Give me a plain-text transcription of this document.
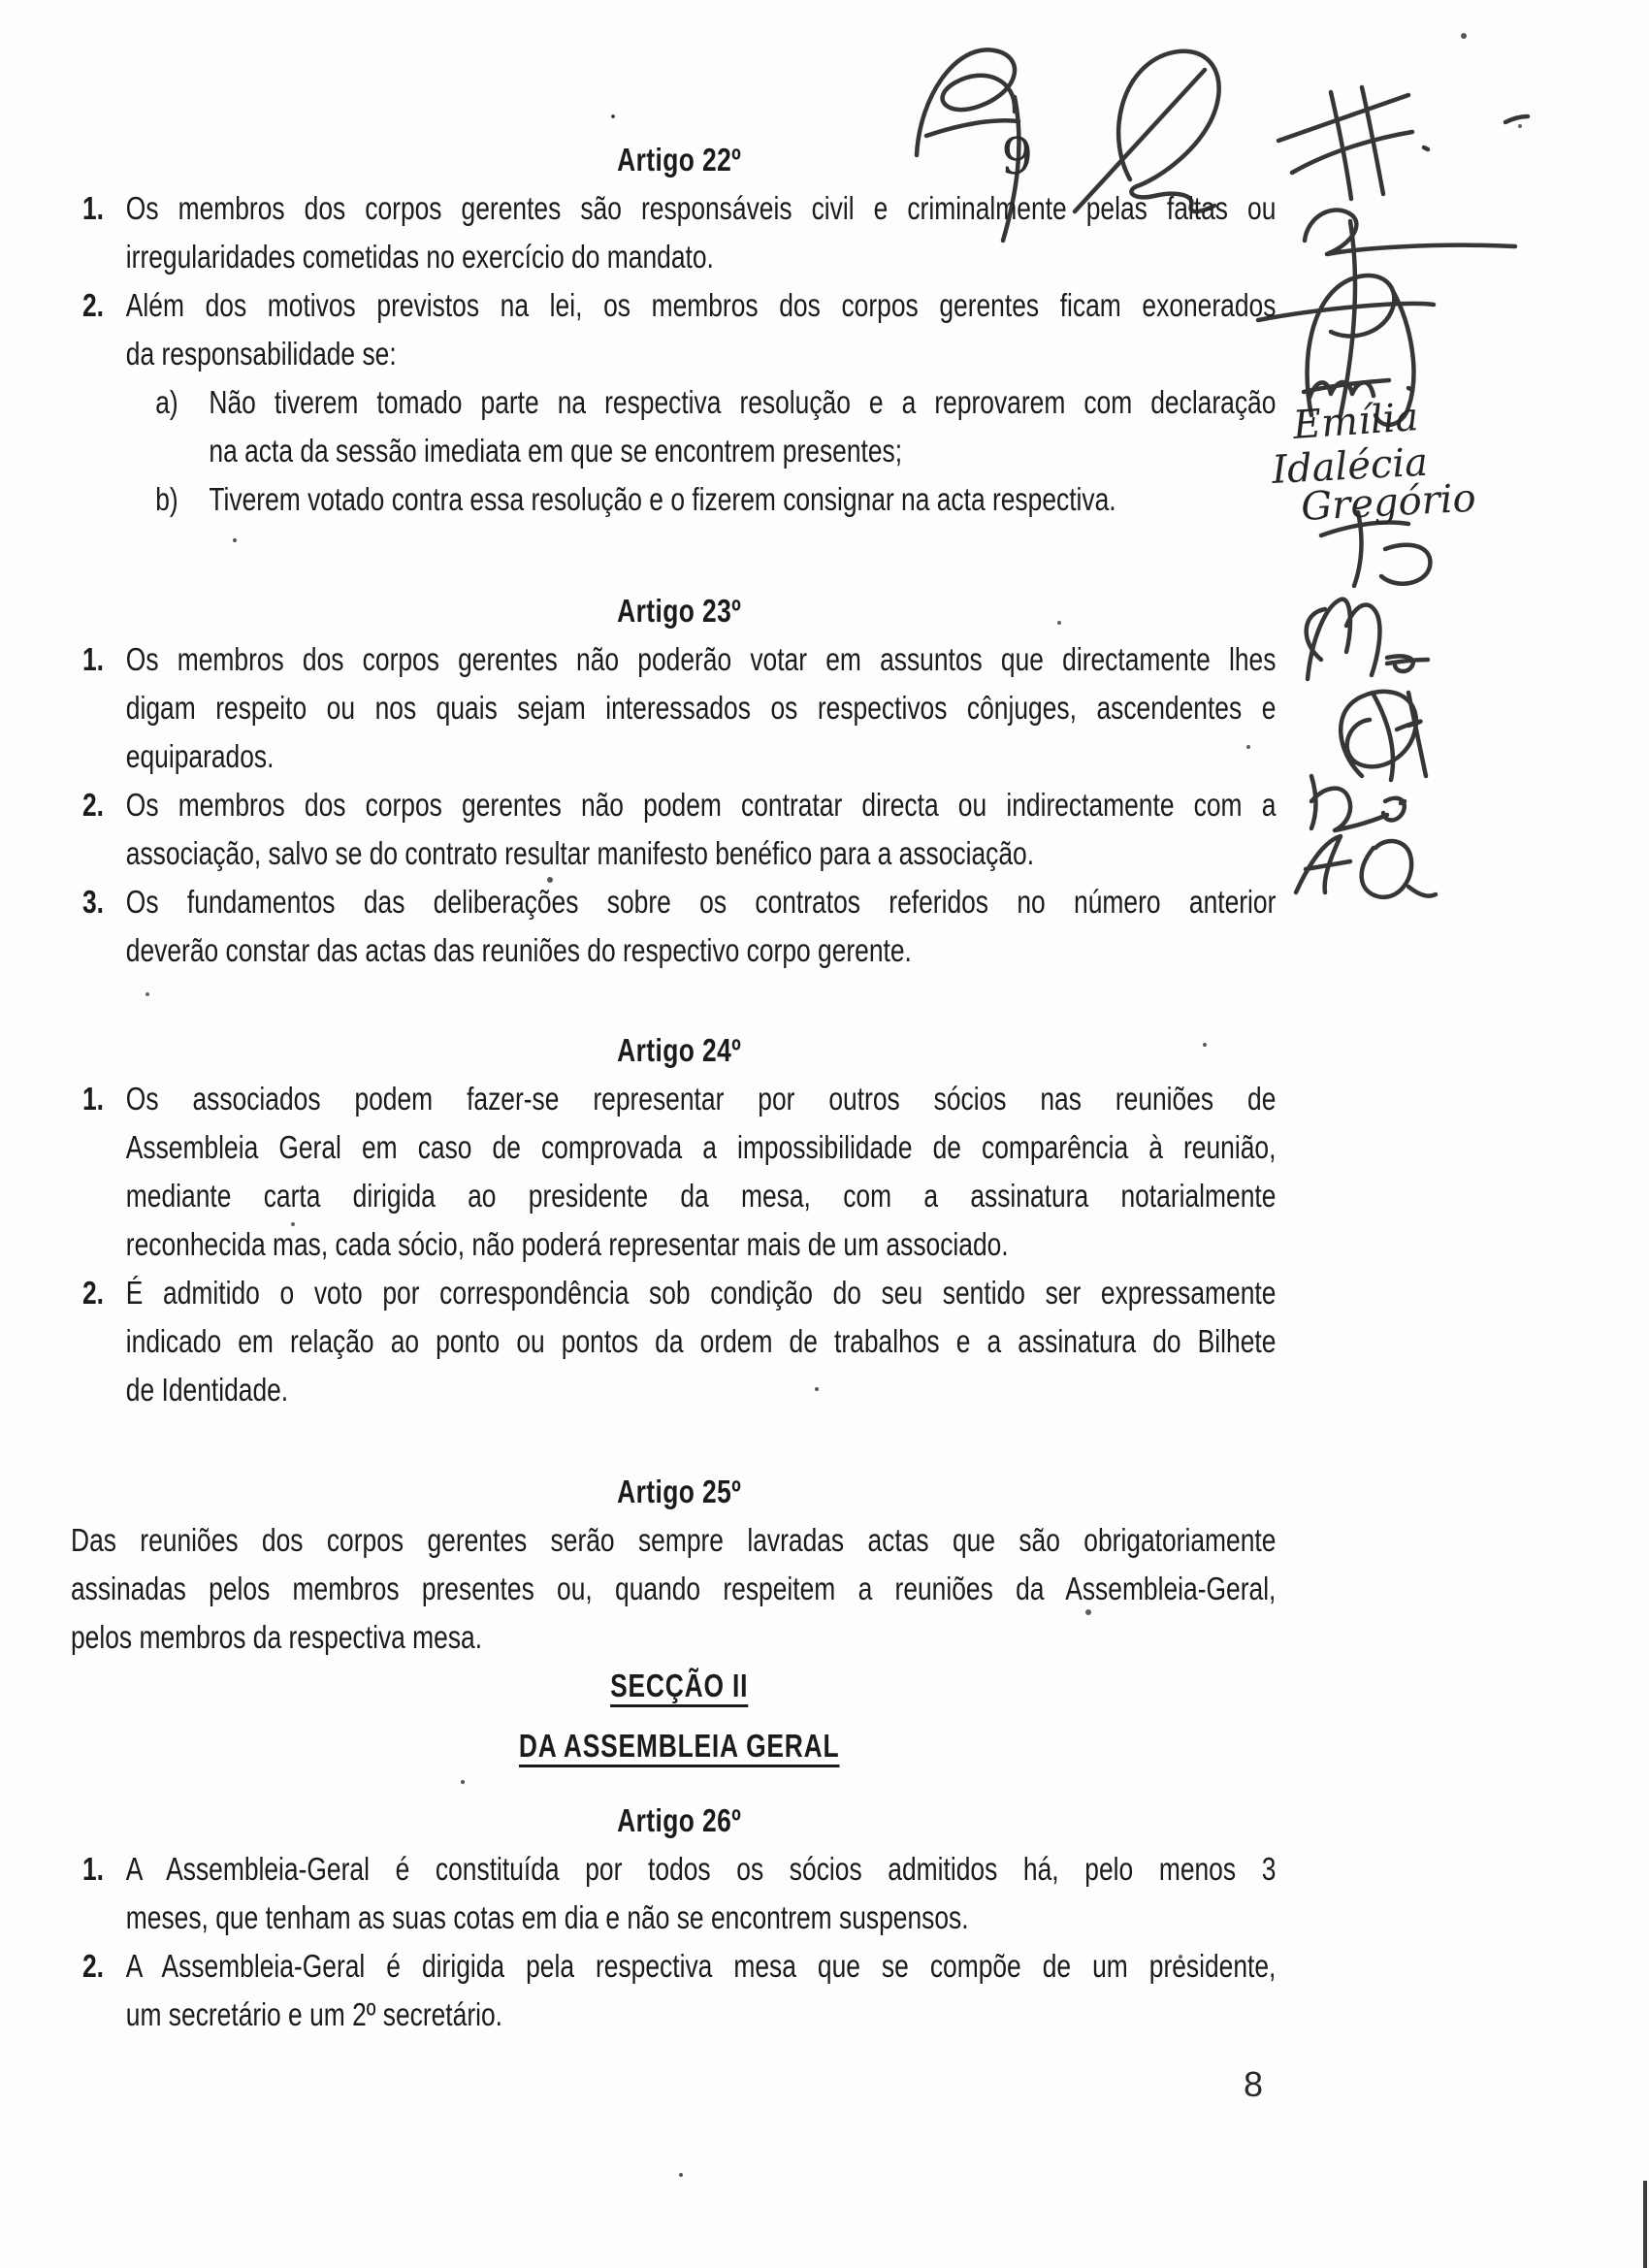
Artigo 22º
1. Os membros dos corpos gerentes são responsáveis civil e criminalmente pelas faltas ou
irregularidades cometidas no exercício do mandato.
2. Além dos motivos previstos na lei, os membros dos corpos gerentes ficam exonerados
da responsabilidade se:
a) Não tiverem tomado parte na respectiva resolução e a reprovarem com declaração
na acta da sessão imediata em que se encontrem presentes;
b) Tiverem votado contra essa resolução e o fizerem consignar na acta respectiva.
Artigo 23º
1. Os membros dos corpos gerentes não poderão votar em assuntos que directamente lhes
digam respeito ou nos quais sejam interessados os respectivos cônjuges, ascendentes e
equiparados.
2. Os membros dos corpos gerentes não podem contratar directa ou indirectamente com a
associação, salvo se do contrato resultar manifesto benéfico para a associação.
3. Os fundamentos das deliberações sobre os contratos referidos no número anterior
deverão constar das actas das reuniões do respectivo corpo gerente.
Artigo 24º
1. Os associados podem fazer-se representar por outros sócios nas reuniões de
Assembleia Geral em caso de comprovada a impossibilidade de comparência à reunião,
mediante carta dirigida ao presidente da mesa, com a assinatura notarialmente
reconhecida mas, cada sócio, não poderá representar mais de um associado.
2. É admitido o voto por correspondência sob condição do seu sentido ser expressamente
indicado em relação ao ponto ou pontos da ordem de trabalhos e a assinatura do Bilhete
de Identidade.
Artigo 25º
Das reuniões dos corpos gerentes serão sempre lavradas actas que são obrigatoriamente
assinadas pelos membros presentes ou, quando respeitem a reuniões da Assembleia-Geral,
pelos membros da respectiva mesa.
SECÇÃO II
DA ASSEMBLEIA GERAL
Artigo 26º
1. A Assembleia-Geral é constituída por todos os sócios admitidos há, pelo menos 3
meses, que tenham as suas cotas em dia e não se encontrem suspensos.
2. A Assembleia-Geral é dirigida pela respectiva mesa que se compõe de um presidente,
um secretário e um 2º secretário.
8
9
Emília
Idalécia
Gregório
